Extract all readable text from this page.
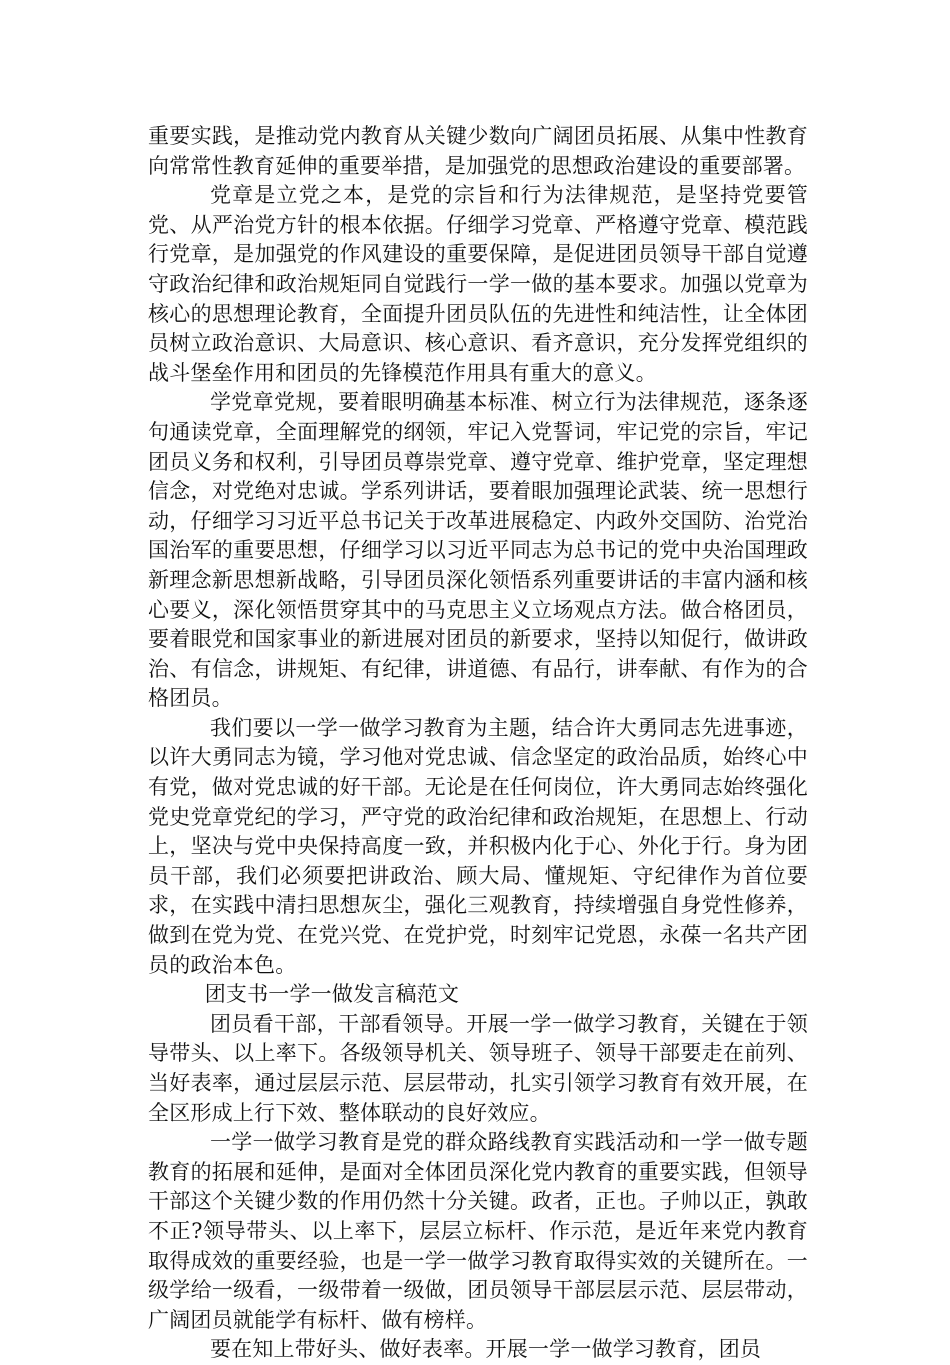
重要实践，是推动党内教育从关键少数向广阔团员拓展、从集中性教育向常常性教育延伸的重要举措，是加强党的思想政治建设的重要部署。

党章是立党之本，是党的宗旨和行为法律规范，是坚持党要管党、从严治党方针的根本依据。仔细学习党章、严格遵守党章、模范践行党章，是加强党的作风建设的重要保障，是促进团员领导干部自觉遵守政治纪律和政治规矩同自觉践行一学一做的基本要求。加强以党章为核心的思想理论教育，全面提升团员队伍的先进性和纯洁性，让全体团员树立政治意识、大局意识、核心意识、看齐意识，充分发挥党组织的战斗堡垒作用和团员的先锋模范作用具有重大的意义。

学党章党规，要着眼明确基本标准、树立行为法律规范，逐条逐句通读党章，全面理解党的纲领，牢记入党誓词，牢记党的宗旨，牢记团员义务和权利，引导团员尊崇党章、遵守党章、维护党章，坚定理想信念，对党绝对忠诚。学系列讲话，要着眼加强理论武装、统一思想行动，仔细学习习近平总书记关于改革进展稳定、内政外交国防、治党治国治军的重要思想，仔细学习以习近平同志为总书记的党中央治国理政新理念新思想新战略，引导团员深化领悟系列重要讲话的丰富内涵和核心要义，深化领悟贯穿其中的马克思主义立场观点方法。做合格团员，要着眼党和国家事业的新进展对团员的新要求，坚持以知促行，做讲政治、有信念，讲规矩、有纪律，讲道德、有品行，讲奉献、有作为的合格团员。

我们要以一学一做学习教育为主题，结合许大勇同志先进事迹，以许大勇同志为镜，学习他对党忠诚、信念坚定的政治品质，始终心中有党，做对党忠诚的好干部。无论是在任何岗位，许大勇同志始终强化党史党章党纪的学习，严守党的政治纪律和政治规矩，在思想上、行动上，坚决与党中央保持高度一致，并积极内化于心、外化于行。身为团员干部，我们必须要把讲政治、顾大局、懂规矩、守纪律作为首位要求，在实践中清扫思想灰尘，强化三观教育，持续增强自身党性修养，做到在党为党、在党兴党、在党护党，时刻牢记党恩，永葆一名共产团员的政治本色。

团支书一学一做发言稿范文

团员看干部，干部看领导。开展一学一做学习教育，关键在于领导带头、以上率下。各级领导机关、领导班子、领导干部要走在前列、当好表率，通过层层示范、层层带动，扎实引领学习教育有效开展，在全区形成上行下效、整体联动的良好效应。

一学一做学习教育是党的群众路线教育实践活动和一学一做专题教育的拓展和延伸，是面对全体团员深化党内教育的重要实践，但领导干部这个关键少数的作用仍然十分关键。政者，正也。子帅以正，孰敢不正?领导带头、以上率下，层层立标杆、作示范，是近年来党内教育取得成效的重要经验，也是一学一做学习教育取得实效的关键所在。一级学给一级看，一级带着一级做，团员领导干部层层示范、层层带动，广阔团员就能学有标杆、做有榜样。

要在知上带好头、做好表率。开展一学一做学习教育，团员
